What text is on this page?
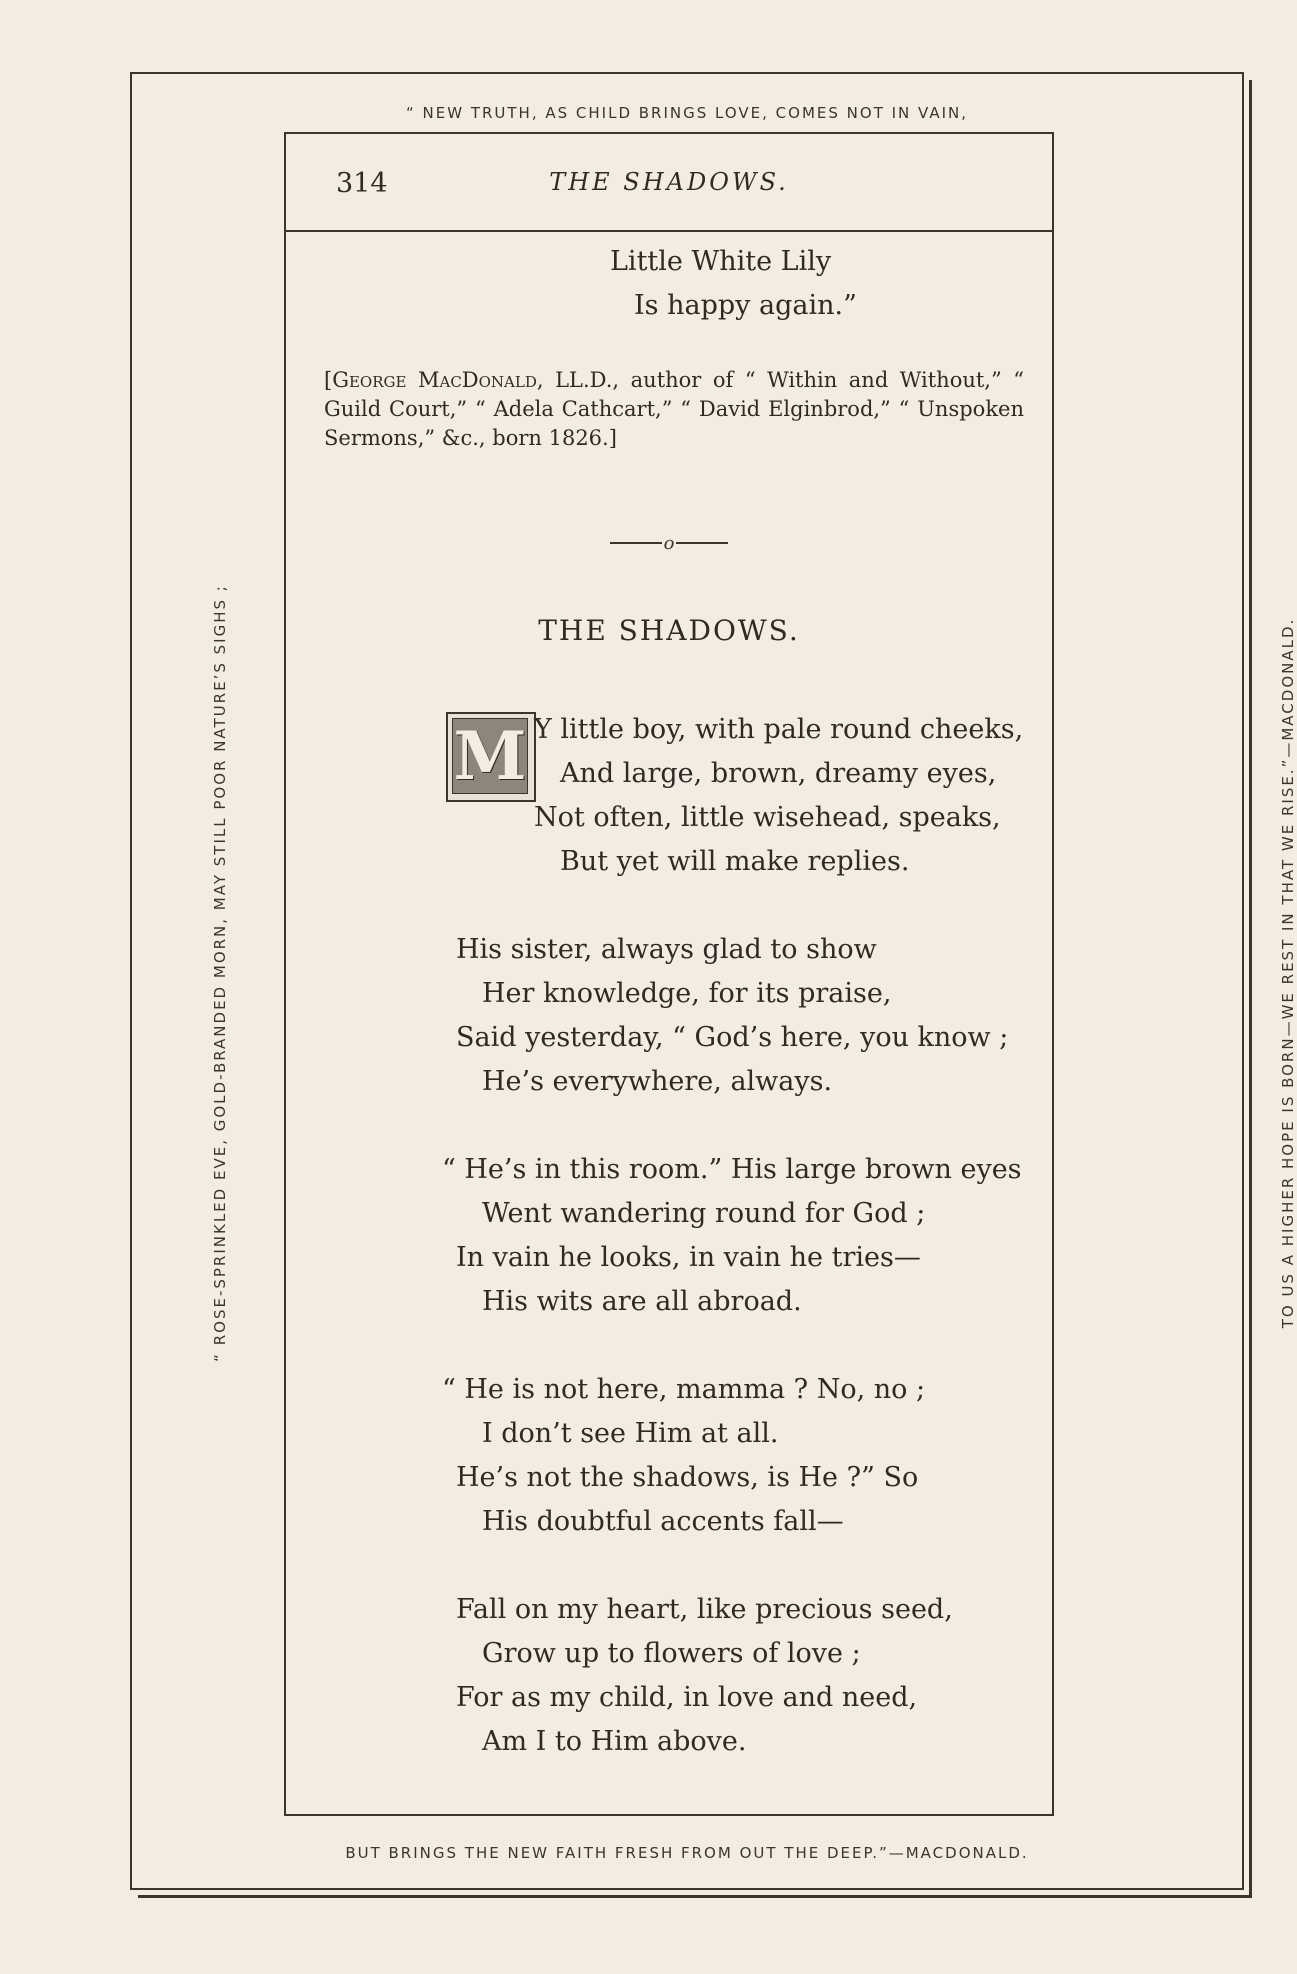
“ NEW TRUTH, AS CHILD BRINGS LOVE, COMES NOT IN VAIN,
“ ROSE-SPRINKLED EVE, GOLD-BRANDED MORN, MAY STILL POOR NATURE’S SIGHS ;	TO US A HIGHER HOPE IS BORN—WE REST IN THAT WE RISE.”—MACDONALD.
BUT BRINGS THE NEW FAITH FRESH FROM OUT THE DEEP.”—MACDONALD.
314	THE SHADOWS.
Little White Lily
Is happy again.”
[George MacDonald, LL.D., author of “ Within and Without,” “ Guild Court,” “ Adela Cathcart,” “ David Elginbrod,” “ Unspoken Sermons,” &c., born 1826.]
o
THE SHADOWS.
M Y little boy, with pale round cheeks,
And large, brown, dreamy eyes,
Not often, little wisehead, speaks,
But yet will make replies.
His sister, always glad to show
Her knowledge, for its praise,
Said yesterday, “ God’s here, you know ;
He’s everywhere, always.
“ He’s in this room.” His large brown eyes
Went wandering round for God ;
In vain he looks, in vain he tries—
His wits are all abroad.
“ He is not here, mamma ? No, no ;
I don’t see Him at all.
He’s not the shadows, is He ?” So
His doubtful accents fall—
Fall on my heart, like precious seed,
Grow up to flowers of love ;
For as my child, in love and need,
Am I to Him above.
